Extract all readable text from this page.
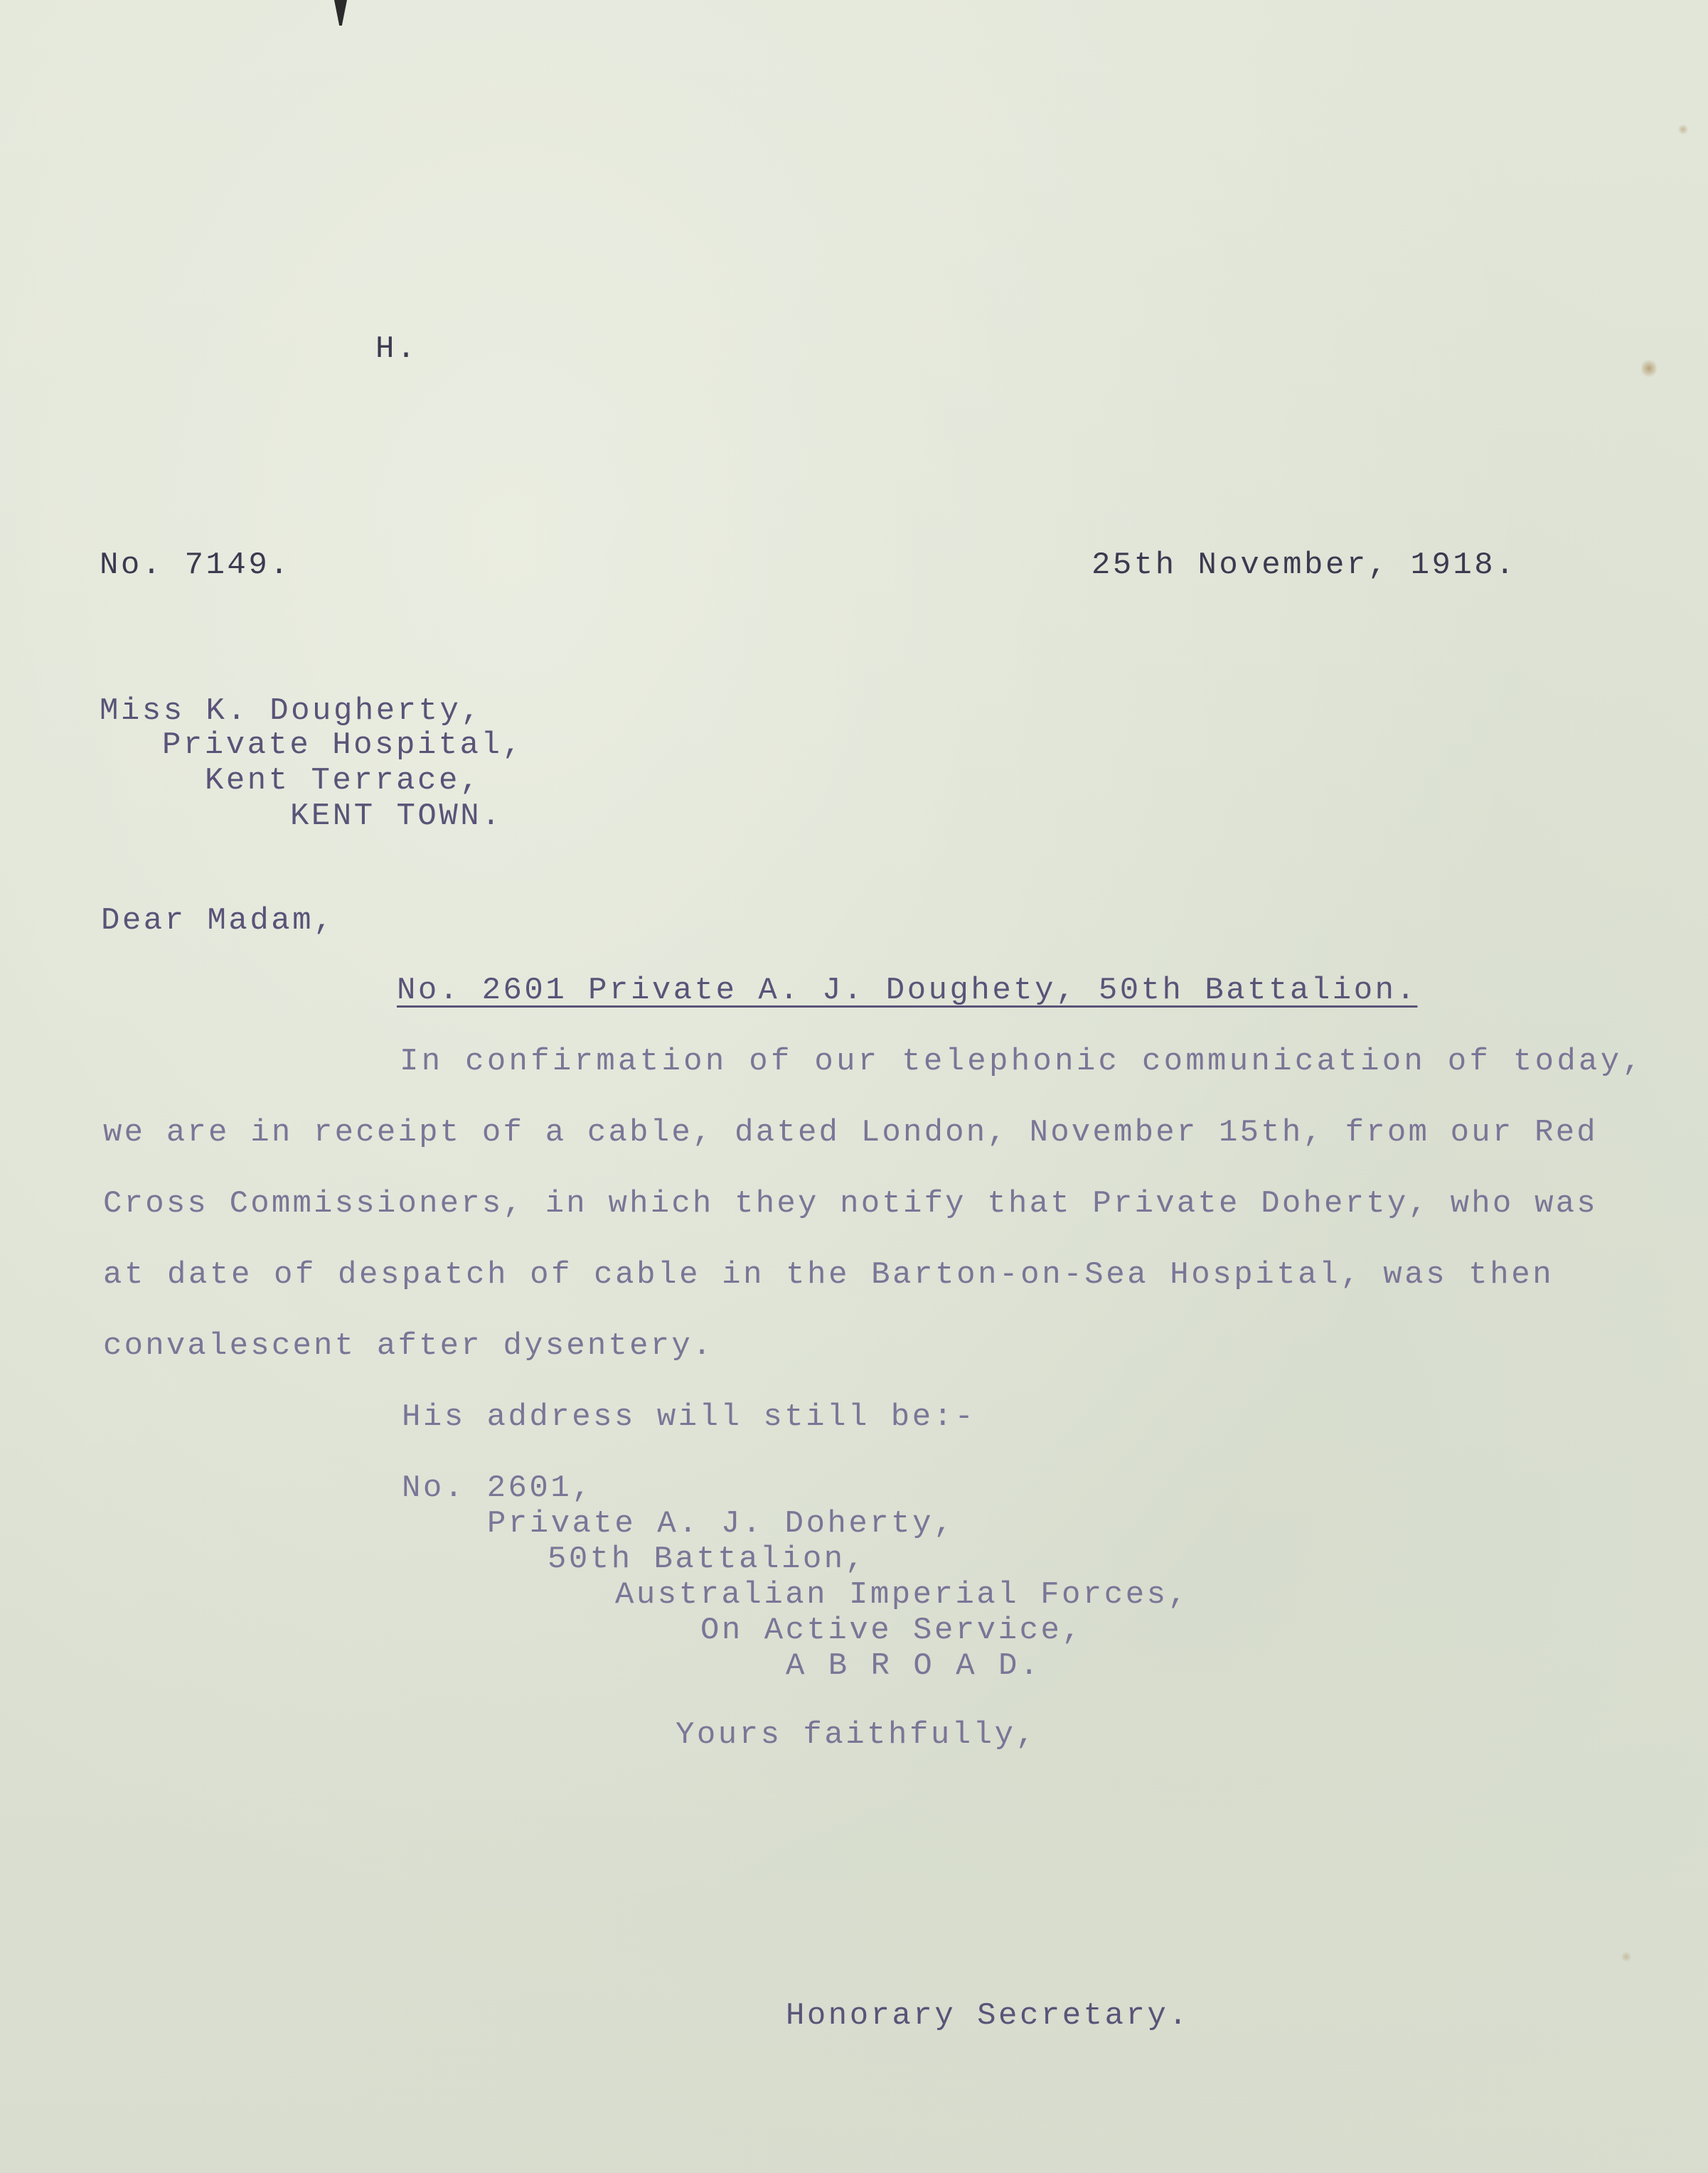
H.
No. 7149.	25th November, 1918.
Miss K. Dougherty,
Private Hospital,
Kent Terrace,
KENT TOWN.
Dear Madam,
No. 2601 Private A. J. Doughety, 50th Battalion.
In confirmation of our telephonic communication of today,
we are in receipt of a cable, dated London, November 15th, from our Red
Cross Commissioners, in which they notify that Private Doherty, who was
at date of despatch of cable in the Barton-on-Sea Hospital, was then
convalescent after dysentery.
His address will still be:-
No. 2601,
Private A. J. Doherty,
50th Battalion,
Australian Imperial Forces,
On Active Service,
A B R O A D.
Yours faithfully,
Honorary Secretary.
